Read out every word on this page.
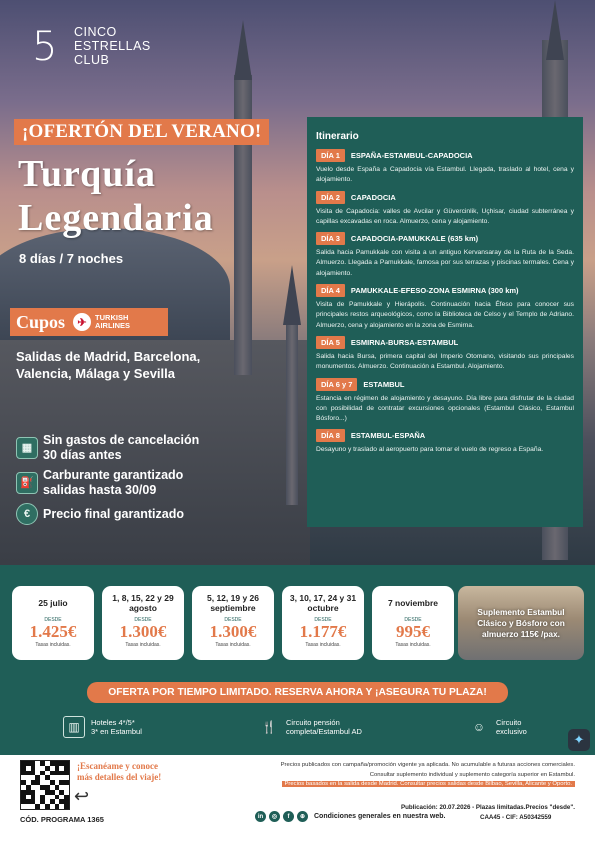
5	CINCO
ESTRELLAS
CLUB
¡OFERTÓN DEL VERANO!
Turquía
Legendaria
8 días / 7 noches
Cupos	✈	TURKISH
AIRLINES
Salidas de Madrid, Barcelona,
Valencia, Málaga y Sevilla
▦
Sin gastos de cancelación
30 días antes
⛽
Carburante garantizado
salidas hasta 30/09
€	Precio final garantizado
Itinerario
DÍA 1	ESPAÑA-ESTAMBUL-CAPADOCIA
Vuelo desde España a Capadocia vía Estambul. Llegada, traslado al hotel, cena y alojamiento.
DÍA 2	CAPADOCIA
Visita de Capadocia: valles de Avcilar y Güvercinlik, Uçhisar, ciudad subterránea y capillas excavadas en roca. Almuerzo, cena y alojamiento.
DÍA 3	CAPADOCIA-PAMUKKALE (635 km)
Salida hacia Pamukkale con visita a un antiguo Kervansaray de la Ruta de la Seda. Almuerzo. Llegada a Pamukkale, famosa por sus terrazas y piscinas termales. Cena y alojamiento.
DÍA 4	PAMUKKALE-EFESO-ZONA ESMIRNA (300 km)
Visita de Pamukkale y Hierápolis. Continuación hacia Éfeso para conocer sus principales restos arqueológicos, como la Biblioteca de Celso y el Templo de Adriano. Almuerzo, cena y alojamiento en la zona de Esmirna.
DÍA 5	ESMIRNA-BURSA-ESTAMBUL
Salida hacia Bursa, primera capital del Imperio Otomano, visitando sus principales monumentos. Almuerzo. Continuación a Estambul. Alojamiento.
DÍA 6 y 7	ESTAMBUL
Estancia en régimen de alojamiento y desayuno. Día libre para disfrutar de la ciudad con posibilidad de contratar excursiones opcionales (Estambul Clásico, Estambul Bósforo...)
DÍA 8	ESTAMBUL-ESPAÑA
Desayuno y traslado al aeropuerto para tomar el vuelo de regreso a España.
25 julio
DESDE
1.425€
Tasas incluidas.
1, 8, 15, 22 y 29 agosto
DESDE
1.300€
Tasas incluidas.
5, 12, 19 y 26 septiembre
DESDE
1.300€
Tasas incluidas.
3, 10, 17, 24 y 31 octubre
DESDE
1.177€
Tasas incluidas.
7 noviembre
DESDE
995€
Tasas incluidas.
Suplemento Estambul Clásico y Bósforo con almuerzo 115€ /pax.
OFERTA POR TIEMPO LIMITADO. RESERVA AHORA Y ¡ASEGURA TU PLAZA!
▥	Hoteles 4*/5*
3* en Estambul	🍴	Circuito pensión
completa/Estambul AD	☺	Circuito
exclusivo
✦
¡Escanéame y conoce
más detalles del viaje!
↩
CÓD. PROGRAMA 1365
Precios publicados con campaña/promoción vigente ya aplicada. No acumulable a futuras acciones comerciales.
Consultar suplemento individual y suplemento categoría superior en Estambul.
Precios basados en la salida desde Madrid. Consultar precios salidas desde Bilbao, Sevilla, Alicante y Oporto.
Publicación: 20.07.2026 - Plazas limitadas.Precios "desde".
in	◎	f	⊕	Condiciones generales en nuestra web.	CAA45 - CIF: A50342559
